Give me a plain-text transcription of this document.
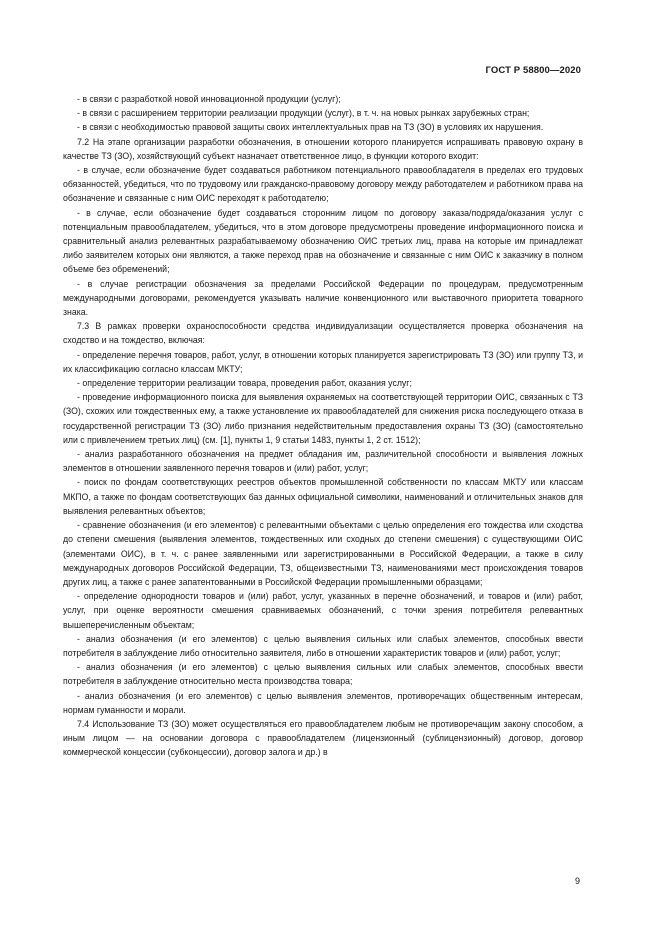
ГОСТ Р 58800—2020

- в связи с разработкой новой инновационной продукции (услуг);

- в связи с расширением территории реализации продукции (услуг), в т. ч. на новых рынках зарубежных стран;

- в связи с необходимостью правовой защиты своих интеллектуальных прав на ТЗ (ЗО) в условиях их нарушения.

7.2 На этапе организации разработки обозначения, в отношении которого планируется испрашивать правовую охрану в качестве ТЗ (ЗО), хозяйствующий субъект назначает ответственное лицо, в функции которого входит:

- в случае, если обозначение будет создаваться работником потенциального правообладателя в пределах его трудовых обязанностей, убедиться, что по трудовому или гражданско-правовому договору между работодателем и работником права на обозначение и связанные с ним ОИС переходят к работодателю;

- в случае, если обозначение будет создаваться сторонним лицом по договору заказа/подряда/оказания услуг с потенциальным правообладателем, убедиться, что в этом договоре предусмотрены проведение информационного поиска и сравнительный анализ релевантных разрабатываемому обозначению ОИС третьих лиц, права на которые им принадлежат либо заявителем которых они являются, а также переход прав на обозначение и связанные с ним ОИС к заказчику в полном объеме без обременений;

- в случае регистрации обозначения за пределами Российской Федерации по процедурам, предусмотренным международными договорами, рекомендуется указывать наличие конвенционного или выставочного приоритета товарного знака.

7.3 В рамках проверки охраноспособности средства индивидуализации осуществляется проверка обозначения на сходство и на тождество, включая:

- определение перечня товаров, работ, услуг, в отношении которых планируется зарегистрировать ТЗ (ЗО) или группу ТЗ, и их классификацию согласно классам МКТУ;

- определение территории реализации товара, проведения работ, оказания услуг;

- проведение информационного поиска для выявления охраняемых на соответствующей территории ОИС, связанных с ТЗ (ЗО), схожих или тождественных ему, а также установление их правообладателей для снижения риска последующего отказа в государственной регистрации ТЗ (ЗО) либо признания недействительным предоставления охраны ТЗ (ЗО) (самостоятельно или с привлечением третьих лиц) (см. [1], пункты 1, 9 статьи 1483, пункты 1, 2 ст. 1512);

- анализ разработанного обозначения на предмет обладания им, различительной способности и выявления ложных элементов в отношении заявленного перечня товаров и (или) работ, услуг;

- поиск по фондам соответствующих реестров объектов промышленной собственности по классам МКТУ или классам МКПО, а также по фондам соответствующих баз данных официальной символики, наименований и отличительных знаков для выявления релевантных объектов;

- сравнение обозначения (и его элементов) с релевантными объектами с целью определения его тождества или сходства до степени смешения (выявления элементов, тождественных или сходных до степени смешения) с существующими ОИС (элементами ОИС), в т. ч. с ранее заявленными или зарегистрированными в Российской Федерации, а также в силу международных договоров Российской Федерации, ТЗ, общеизвестными ТЗ, наименованиями мест происхождения товаров других лиц, а также с ранее запатентованными в Российской Федерации промышленными образцами;

- определение однородности товаров и (или) работ, услуг, указанных в перечне обозначений, и товаров и (или) работ, услуг, при оценке вероятности смешения сравниваемых обозначений, с точки зрения потребителя релевантных вышеперечисленным объектам;

- анализ обозначения (и его элементов) с целью выявления сильных или слабых элементов, способных ввести потребителя в заблуждение либо относительно заявителя, либо в отношении характеристик товаров и (или) работ, услуг;

- анализ обозначения (и его элементов) с целью выявления сильных или слабых элементов, способных ввести потребителя в заблуждение относительно места производства товара;

- анализ обозначения (и его элементов) с целью выявления элементов, противоречащих общественным интересам, нормам гуманности и морали.

7.4 Использование ТЗ (ЗО) может осуществляться его правообладателем любым не противоречащим закону способом, а иным лицом — на основании договора с правообладателем (лицензионный (сублицензионный) договор, договор коммерческой концессии (субконцессии), договор залога и др.) в

9
